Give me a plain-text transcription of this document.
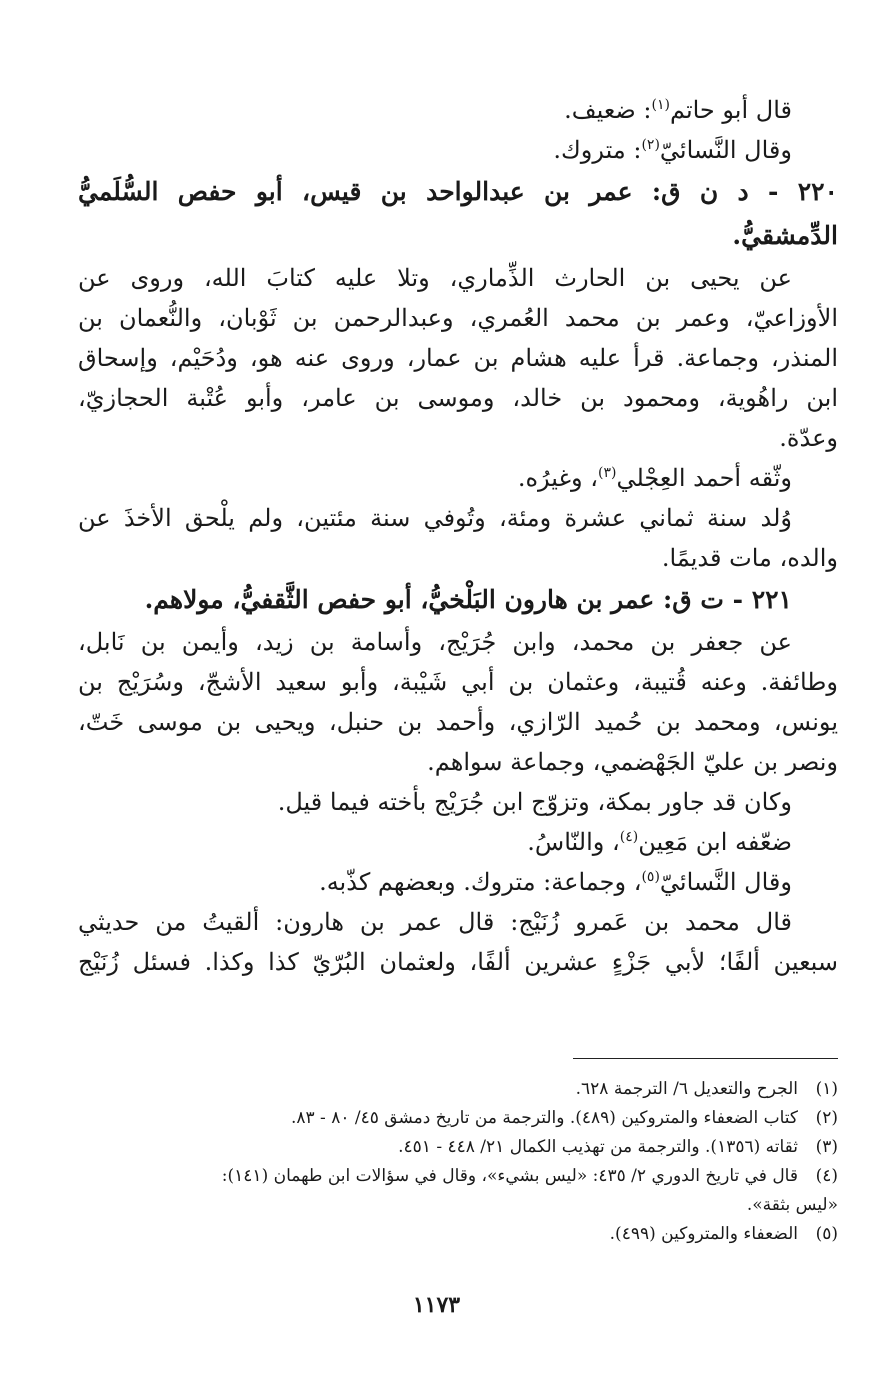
قال أبو حاتم$^{(١)}$: ضعيف.
وقال النَّسائيّ$^{(٢)}$: متروك.
٢٢٠ - د ن ق: عمر بن عبدالواحد بن قيس، أبو حفص السُّلَميُّ
الدِّمشقيُّ.
عن يحيى بن الحارث الذِّماري، وتلا عليه كتابَ الله، وروى عن
الأوزاعيّ، وعمر بن محمد العُمري، وعبدالرحمن بن ثَوْبان، والنُّعمان بن
المنذر، وجماعة. قرأ عليه هشام بن عمار، وروى عنه هو، ودُحَيْم، وإسحاق
ابن راهُوية، ومحمود بن خالد، وموسى بن عامر، وأبو عُتْبة الحجازيّ،
وعدّة.
وثّقه أحمد العِجْلي$^{(٣)}$، وغيرُه.
وُلد سنة ثماني عشرة ومئة، وتُوفي سنة مئتين، ولم يلْحق الأخذَ عن
والده، مات قديمًا.
٢٢١ - ت ق: عمر بن هارون البَلْخيُّ، أبو حفص الثَّقفيُّ، مولاهم.
عن جعفر بن محمد، وابن جُرَيْج، وأسامة بن زيد، وأيمن بن نَابل،
وطائفة. وعنه قُتيبة، وعثمان بن أبي شَيْبة، وأبو سعيد الأشجّ، وسُرَيْج بن
يونس، ومحمد بن حُميد الرّازي، وأحمد بن حنبل، ويحيى بن موسى خَتّ،
ونصر بن عليّ الجَهْضمي، وجماعة سواهم.
وكان قد جاور بمكة، وتزوّج ابن جُرَيْج بأخته فيما قيل.
ضعّفه ابن مَعِين$^{(٤)}$، والنّاسُ.
وقال النَّسائيّ$^{(٥)}$، وجماعة: متروك. وبعضهم كذّبه.
قال محمد بن عَمرو زُنَيْج: قال عمر بن هارون: ألقيتُ من حديثي
سبعين ألفًا؛ لأبي جَزْءٍ عشرين ألفًا، ولعثمان البُرّيّ كذا وكذا. فسئل زُنَيْج
(١)
الجرح والتعديل ٦/ الترجمة ٦٢٨.
(٢)
كتاب الضعفاء والمتروكين (٤٨٩). والترجمة من تاريخ دمشق ٤٥/ ٨٠ - ٨٣.
(٣)
ثقاته (١٣٥٦). والترجمة من تهذيب الكمال ٢١/ ٤٤٨ - ٤٥١.
(٤)
قال في تاريخ الدوري ٢/ ٤٣٥: «ليس بشيء»، وقال في سؤالات ابن طهمان (١٤١):
«ليس بثقة».
(٥)
الضعفاء والمتروكين (٤٩٩).
١١٧٣
